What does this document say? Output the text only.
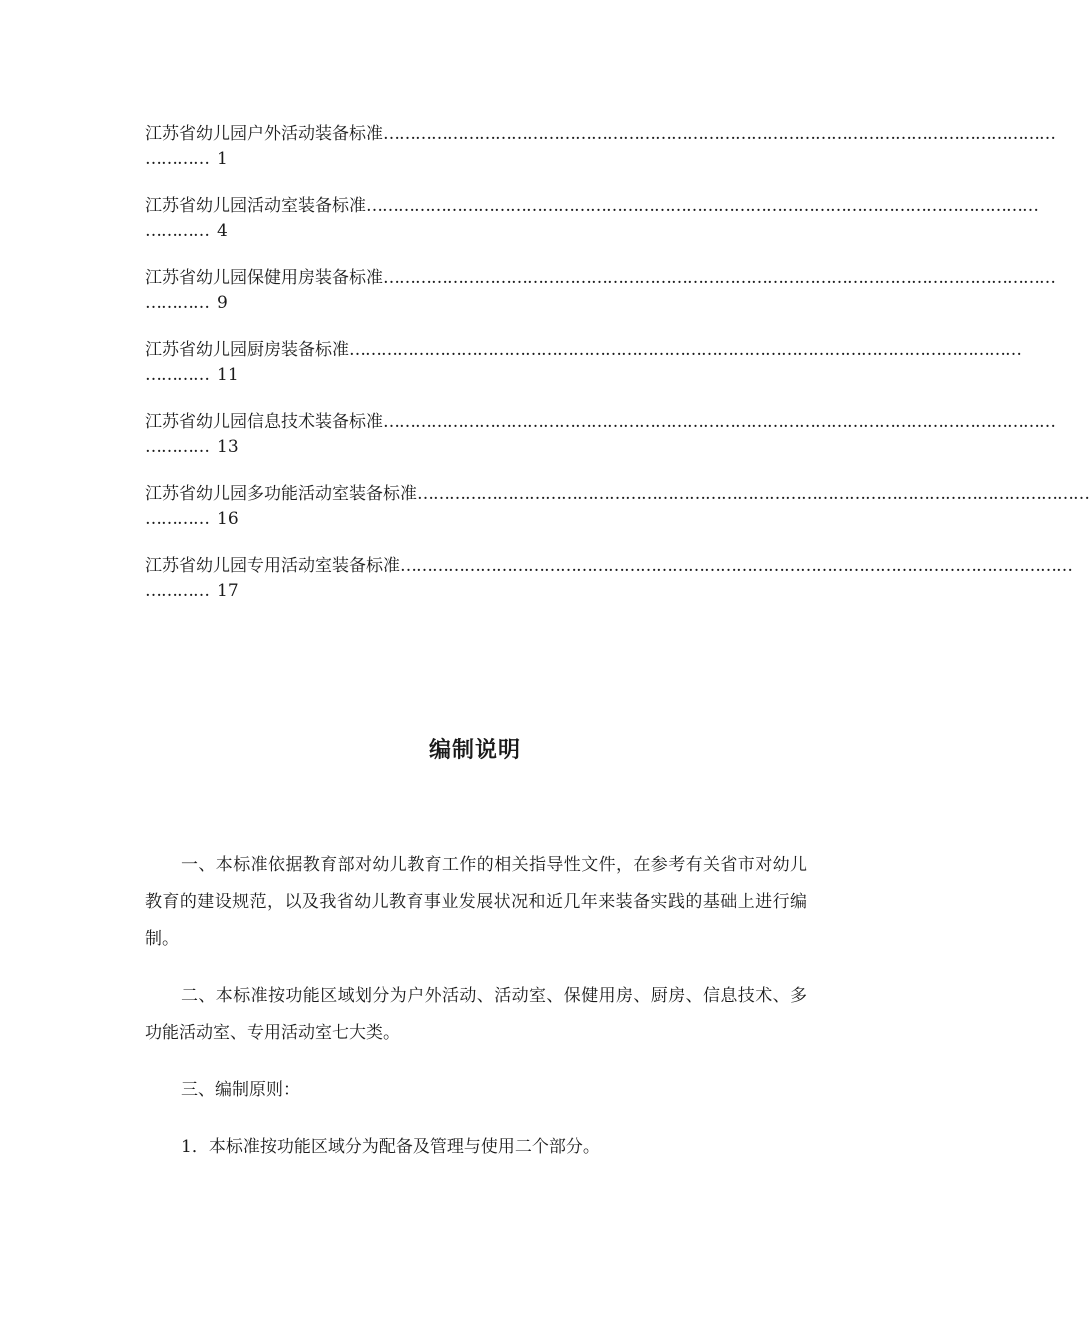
江苏省幼儿园户外活动装备标准………………………………………………………………………………………………………………
………… 1
江苏省幼儿园活动室装备标准………………………………………………………………………………………………………………
………… 4
江苏省幼儿园保健用房装备标准………………………………………………………………………………………………………………
………… 9
江苏省幼儿园厨房装备标准………………………………………………………………………………………………………………
………… 11
江苏省幼儿园信息技术装备标准………………………………………………………………………………………………………………
………… 13
江苏省幼儿园多功能活动室装备标准………………………………………………………………………………………………………………
………… 16
江苏省幼儿园专用活动室装备标准………………………………………………………………………………………………………………
………… 17
编制说明

一、本标准依据教育部对幼儿教育工作的相关指导性文件，在参考有关省市对幼儿教育的建设规范，以及我省幼儿教育事业发展状况和近几年来装备实践的基础上进行编制。

二、本标准按功能区域划分为户外活动、活动室、保健用房、厨房、信息技术、多功能活动室、专用活动室七大类。

三、编制原则：

1．本标准按功能区域分为配备及管理与使用二个部分。
